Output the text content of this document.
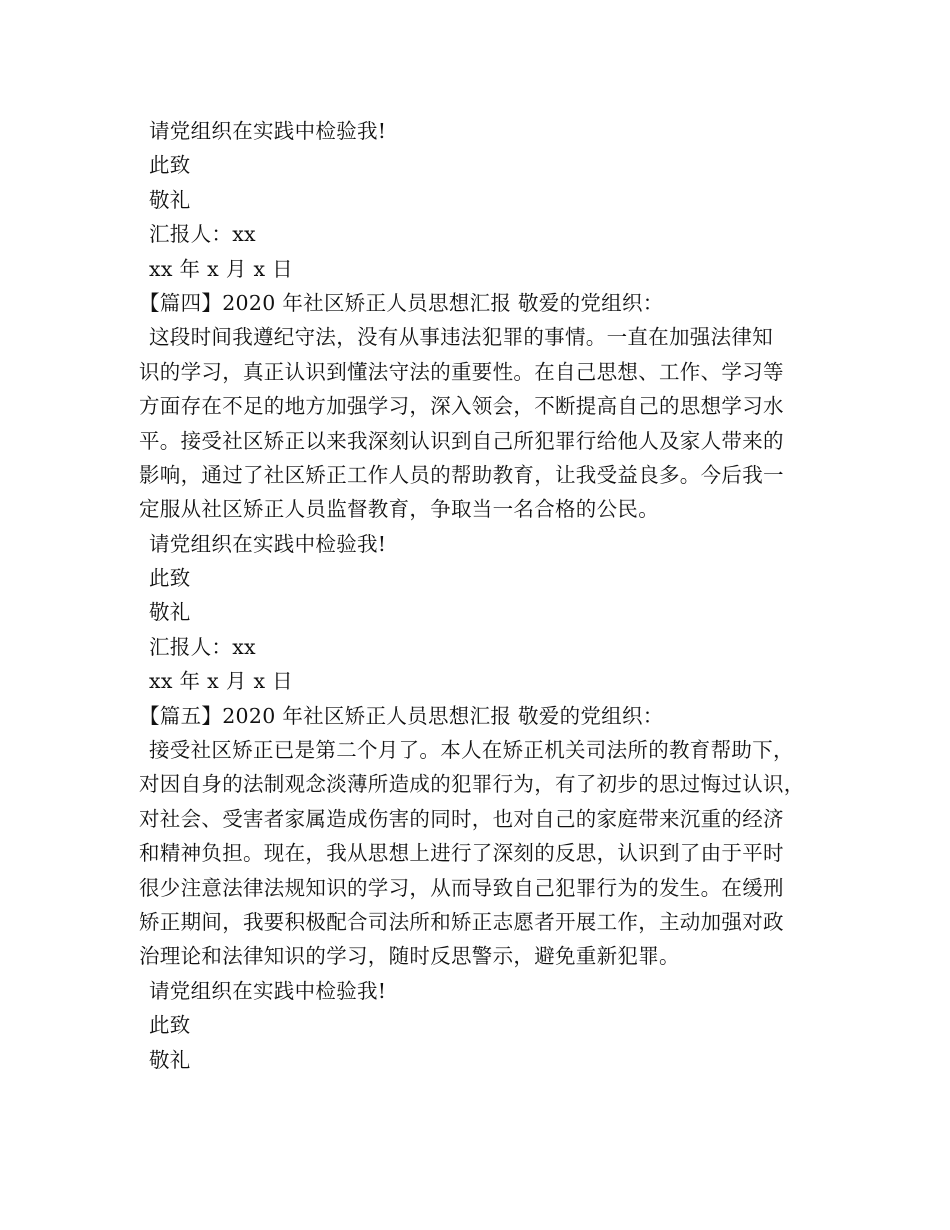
请党组织在实践中检验我!
此致
敬礼
汇报人：xx
xx 年 x 月 x 日
【篇四】2020 年社区矫正人员思想汇报 敬爱的党组织：
这段时间我遵纪守法，没有从事违法犯罪的事情。一直在加强法律知
识的学习，真正认识到懂法守法的重要性。在自己思想、工作、学习等
方面存在不足的地方加强学习，深入领会，不断提高自己的思想学习水
平。接受社区矫正以来我深刻认识到自己所犯罪行给他人及家人带来的
影响，通过了社区矫正工作人员的帮助教育，让我受益良多。今后我一
定服从社区矫正人员监督教育，争取当一名合格的公民。
请党组织在实践中检验我!
此致
敬礼
汇报人：xx
xx 年 x 月 x 日
【篇五】2020 年社区矫正人员思想汇报 敬爱的党组织：
接受社区矫正已是第二个月了。本人在矫正机关司法所的教育帮助下，
对因自身的法制观念淡薄所造成的犯罪行为，有了初步的思过悔过认识，
对社会、受害者家属造成伤害的同时，也对自己的家庭带来沉重的经济
和精神负担。现在，我从思想上进行了深刻的反思，认识到了由于平时
很少注意法律法规知识的学习，从而导致自己犯罪行为的发生。在缓刑
矫正期间，我要积极配合司法所和矫正志愿者开展工作，主动加强对政
治理论和法律知识的学习，随时反思警示，避免重新犯罪。
请党组织在实践中检验我!
此致
敬礼
